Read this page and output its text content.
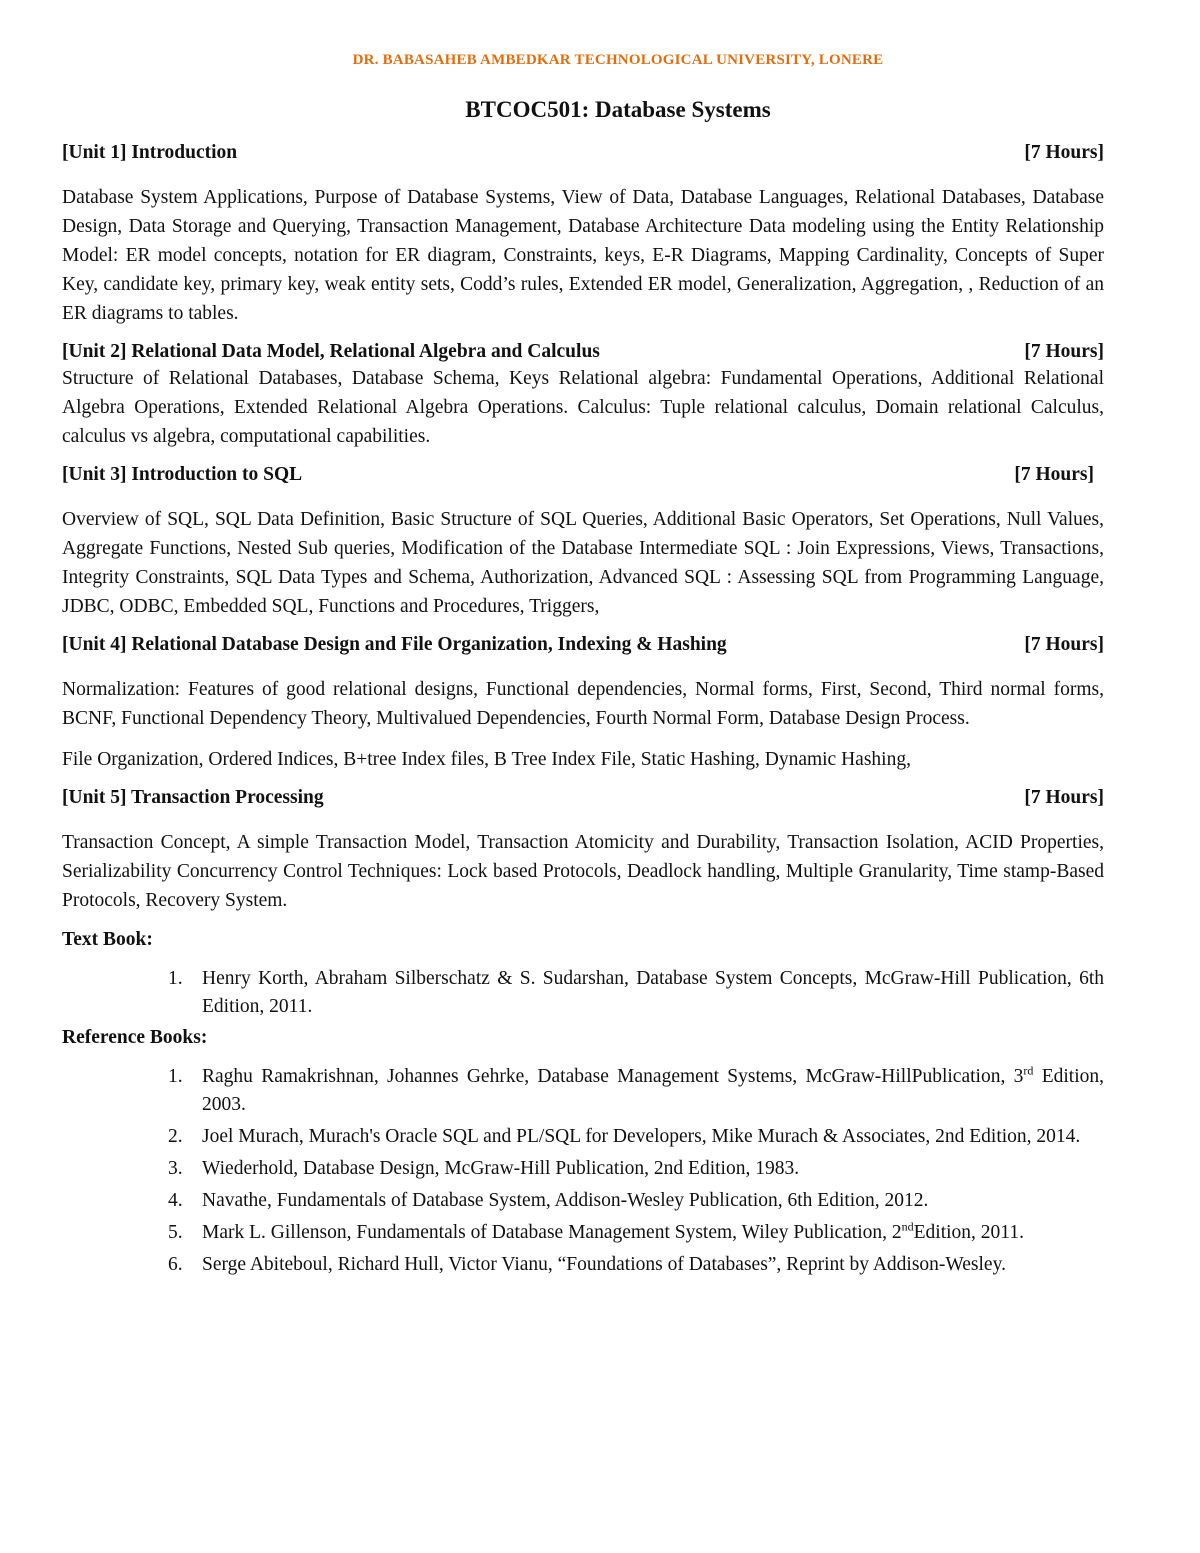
DR. BABASAHEB AMBEDKAR TECHNOLOGICAL UNIVERSITY, LONERE
BTCOC501: Database Systems
[Unit 1] Introduction	[7 Hours]
Database System Applications, Purpose of Database Systems, View of Data, Database Languages, Relational Databases, Database Design, Data Storage and Querying, Transaction Management, Database Architecture Data modeling using the Entity Relationship Model: ER model concepts, notation for ER diagram, Constraints, keys, E-R Diagrams, Mapping Cardinality, Concepts of Super Key, candidate key, primary key, weak entity sets, Codd’s rules, Extended ER model, Generalization, Aggregation, , Reduction of an ER diagrams to tables.
[Unit 2] Relational Data Model, Relational Algebra and Calculus	[7 Hours]
Structure of Relational Databases, Database Schema, Keys Relational algebra: Fundamental Operations, Additional Relational Algebra Operations, Extended Relational Algebra Operations. Calculus: Tuple relational calculus, Domain relational Calculus, calculus vs algebra, computational capabilities.
[Unit 3] Introduction to SQL	[7 Hours]
Overview of SQL, SQL Data Definition, Basic Structure of SQL Queries, Additional Basic Operators, Set Operations, Null Values, Aggregate Functions, Nested Sub queries, Modification of the Database Intermediate SQL : Join Expressions, Views, Transactions, Integrity Constraints, SQL Data Types and Schema, Authorization, Advanced SQL : Assessing SQL from Programming Language, JDBC, ODBC, Embedded SQL, Functions and Procedures, Triggers,
[Unit 4] Relational Database Design and File Organization, Indexing & Hashing	[7 Hours]
Normalization: Features of good relational designs, Functional dependencies, Normal forms, First, Second, Third normal forms, BCNF, Functional Dependency Theory, Multivalued Dependencies, Fourth Normal Form, Database Design Process.
File Organization, Ordered Indices, B+tree Index files, B Tree Index File, Static Hashing, Dynamic Hashing,
[Unit 5] Transaction Processing	[7 Hours]
Transaction Concept, A simple Transaction Model, Transaction Atomicity and Durability, Transaction Isolation, ACID Properties, Serializability Concurrency Control Techniques: Lock based Protocols, Deadlock handling, Multiple Granularity, Time stamp-Based Protocols, Recovery System.
Text Book:
1. Henry Korth, Abraham Silberschatz & S. Sudarshan, Database System Concepts, McGraw-Hill Publication, 6th Edition, 2011.
Reference Books:
1. Raghu Ramakrishnan, Johannes Gehrke, Database Management Systems, McGraw-HillPublication, 3rd Edition, 2003.
2. Joel Murach, Murach's Oracle SQL and PL/SQL for Developers, Mike Murach & Associates, 2nd Edition, 2014.
3. Wiederhold, Database Design, McGraw-Hill Publication, 2nd Edition, 1983.
4. Navathe, Fundamentals of Database System, Addison-Wesley Publication, 6th Edition, 2012.
5. Mark L. Gillenson, Fundamentals of Database Management System, Wiley Publication, 2ndEdition, 2011.
6. Serge Abiteboul, Richard Hull, Victor Vianu, “Foundations of Databases”, Reprint by Addison-Wesley.
